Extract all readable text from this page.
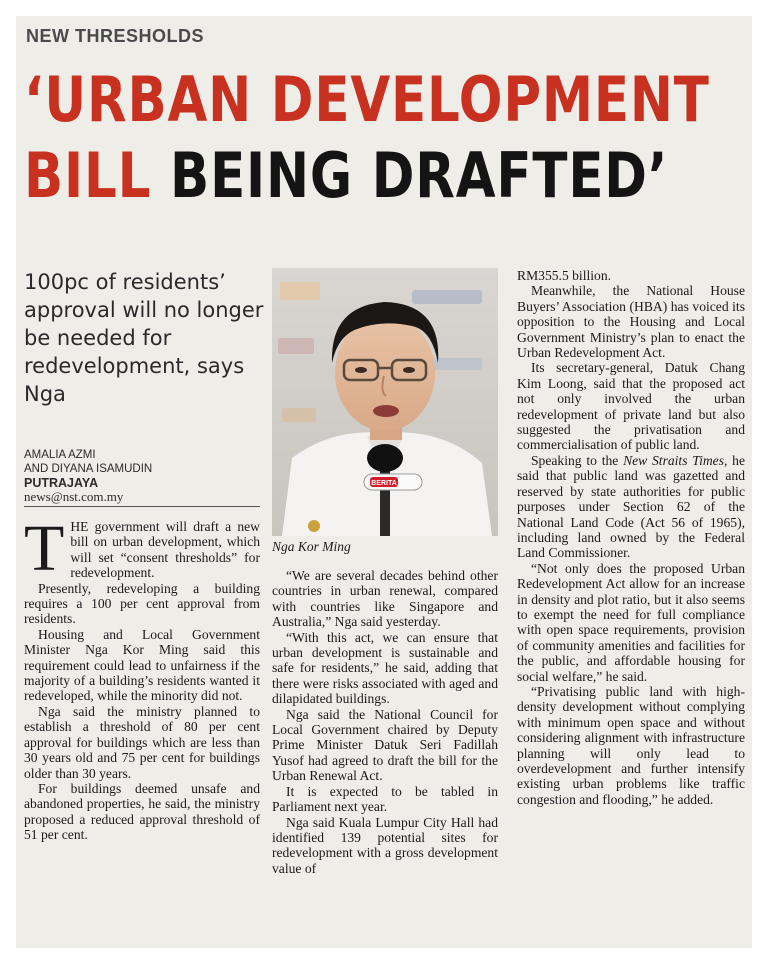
NEW THRESHOLDS
‘URBAN DEVELOPMENT
BILL BEING DRAFTED’
100pc of residents’ approval will no longer be needed for redevelopment, says Nga
AMALIA AZMI
AND DIYANA ISAMUDIN
PUTRAJAYA
news@nst.com.my

THE government will draft a new bill on urban development, which will set “consent thresholds” for redevelopment.

Presently, redeveloping a building requires a 100 per cent approval from residents.

Housing and Local Government Minister Nga Kor Ming said this requirement could lead to unfairness if the majority of a building’s residents wanted it redeveloped, while the minority did not.

Nga said the ministry planned to establish a threshold of 80 per cent approval for buildings which are less than 30 years old and 75 per cent for buildings older than 30 years.

For buildings deemed unsafe and abandoned properties, he said, the ministry proposed a reduced approval threshold of 51 per cent.

BERITA
Nga Kor Ming

“We are several decades behind other countries in urban renewal, compared with countries like Singapore and Australia,” Nga said yesterday.

“With this act, we can ensure that urban development is sustainable and safe for residents,” he said, adding that there were risks associated with aged and dilapidated buildings.

Nga said the National Council for Local Government chaired by Deputy Prime Minister Datuk Seri Fadillah Yusof had agreed to draft the bill for the Urban Renewal Act.

It is expected to be tabled in Parliament next year.

Nga said Kuala Lumpur City Hall had identified 139 potential sites for redevelopment with a gross development value of

RM355.5 billion.

Meanwhile, the National House Buyers’ Association (HBA) has voiced its opposition to the Housing and Local Government Ministry’s plan to enact the Urban Redevelopment Act.

Its secretary-general, Datuk Chang Kim Loong, said that the proposed act not only involved the urban redevelopment of private land but also suggested the privatisation and commercialisation of public land.

Speaking to the New Straits Times, he said that public land was gazetted and reserved by state authorities for public purposes under Section 62 of the National Land Code (Act 56 of 1965), including land owned by the Federal Land Commissioner.

“Not only does the proposed Urban Redevelopment Act allow for an increase in density and plot ratio, but it also seems to exempt the need for full compliance with open space requirements, provision of community amenities and facilities for the public, and affordable housing for social welfare,” he said.

“Privatising public land with high-density development without complying with minimum open space and without considering alignment with infrastructure planning will only lead to overdevelopment and further intensify existing urban problems like traffic congestion and flooding,” he added.
